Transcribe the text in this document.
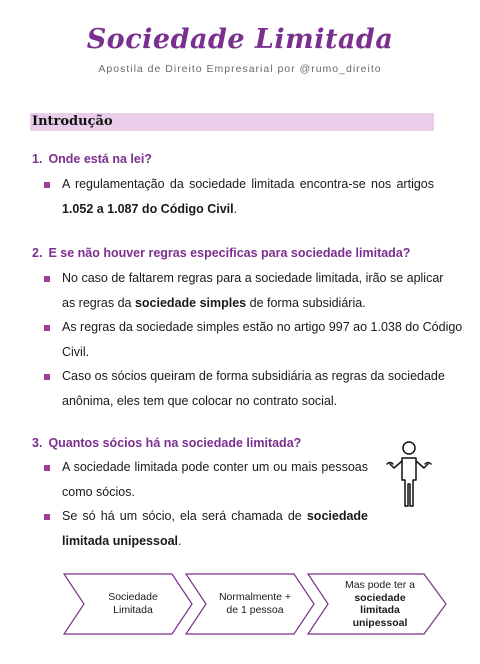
Sociedade Limitada
Apostila de Direito Empresarial por @rumo_direito
Introdução
1. Onde está na lei?
A regulamentação da sociedade limitada encontra-se nos artigos
1.052 a 1.087 do Código Civil.
2. E se não houver regras especificas para sociedade limitada?
No caso de faltarem regras para a sociedade limitada, irão se aplicar
as regras da sociedade simples de forma subsidiária.
As regras da sociedade simples estão no artigo 997 ao 1.038 do Código
Civil.
Caso os sócios queiram de forma subsidiária as regras da sociedade
anônima, eles tem que colocar no contrato social.
3. Quantos sócios há na sociedade limitada?
A sociedade limitada pode conter um ou mais pessoas
como sócios.
Se só há um sócio, ela será chamada de sociedade
limitada unipessoal.
Sociedade
Limitada
Normalmente +
de 1 pessoa
Mas pode ter a
sociedade
limitada
unipessoal
